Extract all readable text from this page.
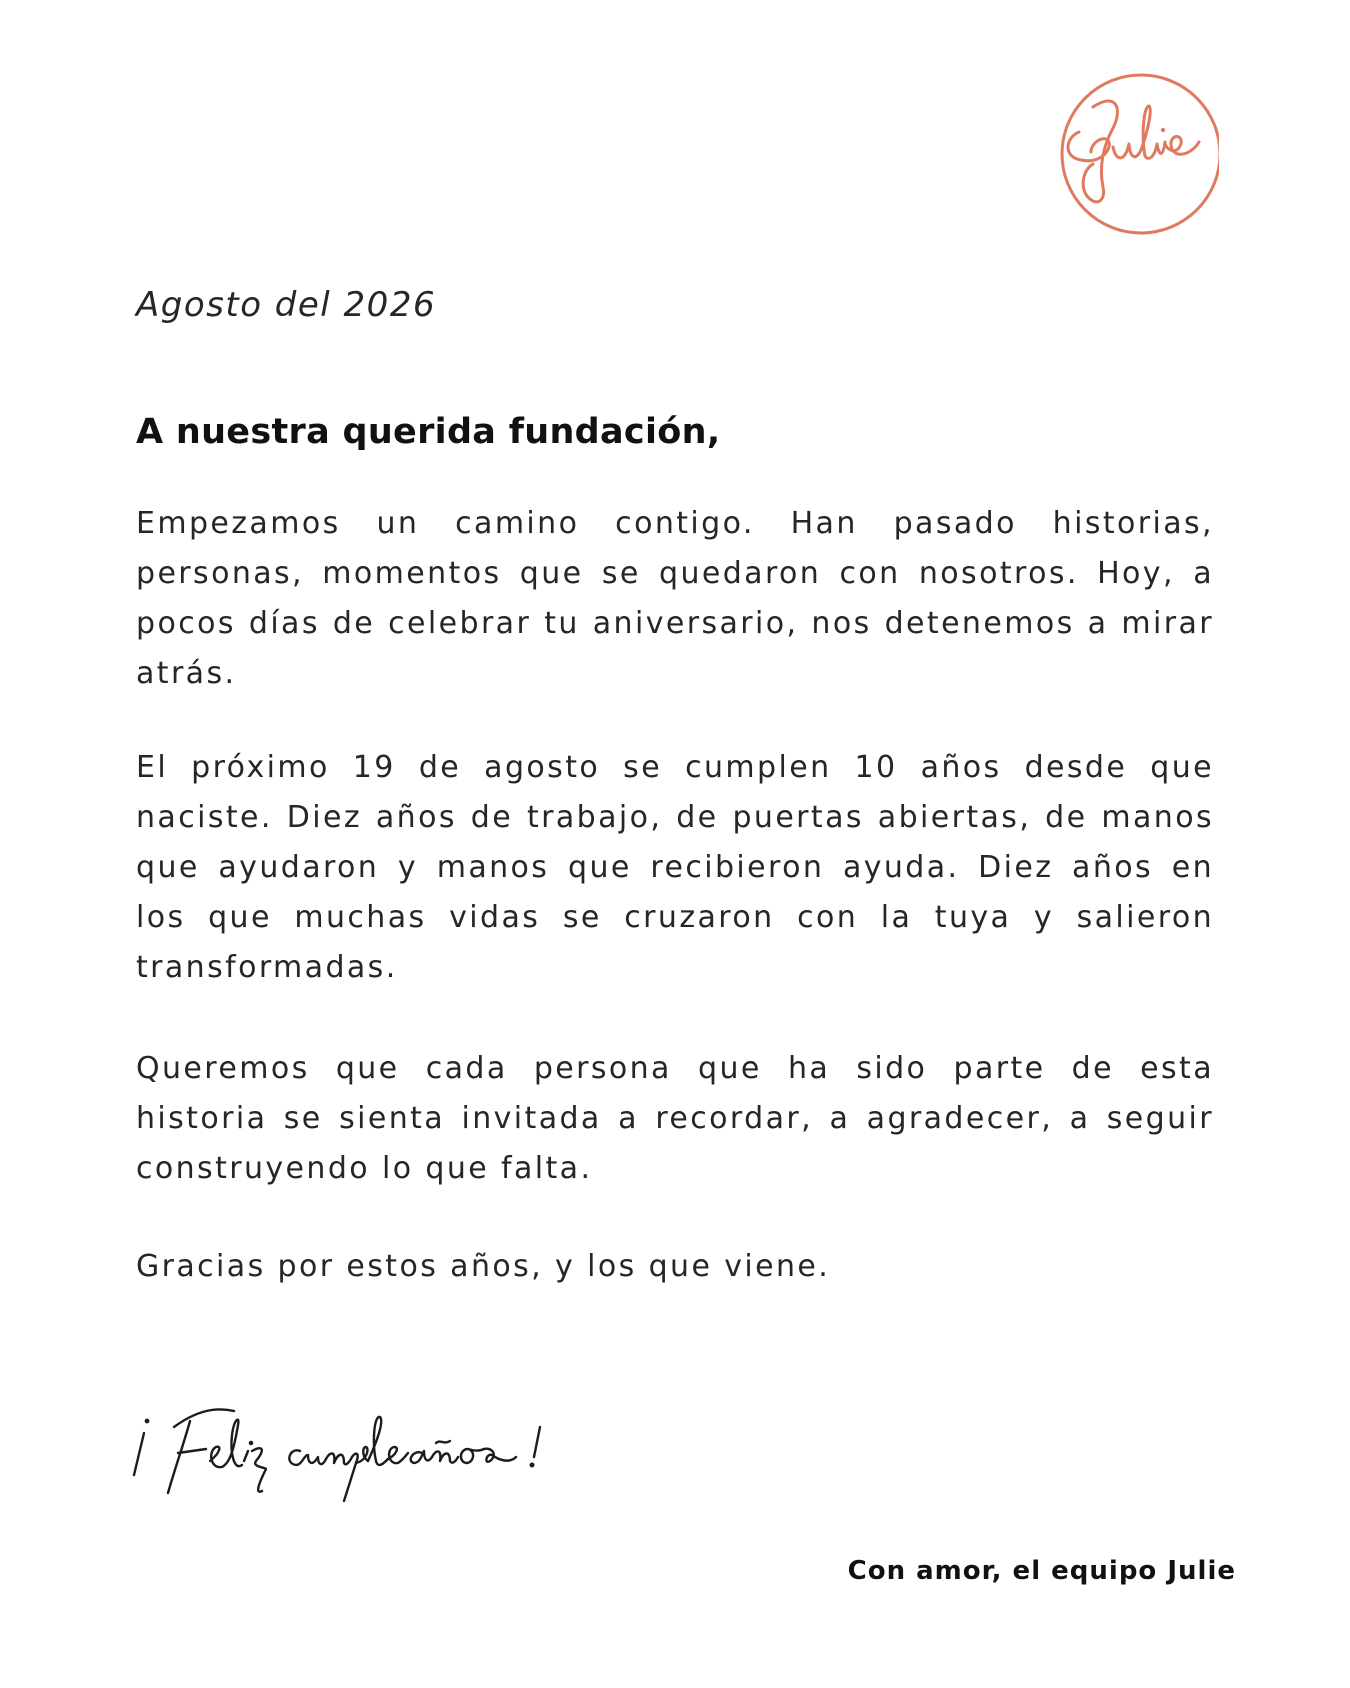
Agosto del 2026

A nuestra querida fundación,

Empezamos un camino contigo. Han pasado historias, personas, momentos que se quedaron con nosotros. Hoy, a pocos días de celebrar tu aniversario, nos detenemos a mirar atrás.

El próximo 19 de agosto se cumplen 10 años desde que naciste. Diez años de trabajo, de puertas abiertas, de manos que ayudaron y manos que recibieron ayuda. Diez años en los que muchas vidas se cruzaron con la tuya y salieron transformadas.

Queremos que cada persona que ha sido parte de esta historia se sienta invitada a recordar, a agradecer, a seguir construyendo lo que falta.

Gracias por estos años, y los que viene.

Con amor, el equipo Julie
